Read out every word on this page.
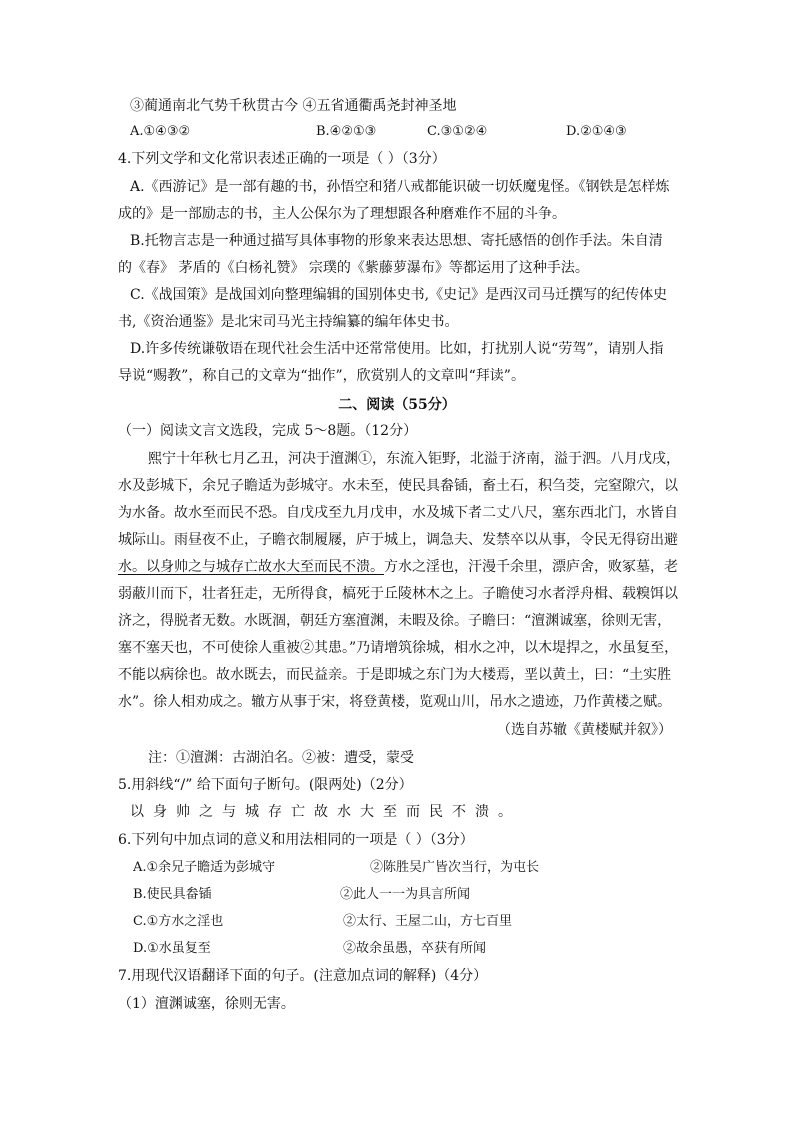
③蔺通南北气势千秋贯古今 ④五省通衢禹尧封神圣地
A.①④③②	B.④②①③	C.③①②④	D.②①④③
4.下列文学和文化常识表述正确的一项是（ ）（3分）
A.《西游记》是一部有趣的书，孙悟空和猪八戒都能识破一切妖魔鬼怪。《钢铁是怎样炼
成的》是一部励志的书，主人公保尔为了理想跟各种磨难作不屈的斗争。
B.托物言志是一种通过描写具体事物的形象来表达思想、寄托感悟的创作手法。朱自清
的《春》 茅盾的《白杨礼赞》 宗璞的《紫藤萝瀑布》等都运用了这种手法。
C.《战国策》是战国刘向整理编辑的国别体史书,《史记》是西汉司马迁撰写的纪传体史
书,《资治通鉴》是北宋司马光主持编纂的编年体史书。
D.许多传统谦敬语在现代社会生活中还常常使用。比如，打扰别人说“劳驾”，请别人指
导说“赐教”，称自己的文章为“拙作”，欣赏别人的文章叫“拜读”。
二、阅读（55分）
（一）阅读文言文选段，完成 5～8题。（12分）
熙宁十年秋七月乙丑，河决于澶渊①，东流入钜野，北溢于济南，溢于泗。八月戊戌，
水及彭城下，余兄子瞻适为彭城守。水未至，使民具畚锸，畜土石，积刍茭，完窒隙穴，以
为水备。故水至而民不恐。自戊戌至九月戊申，水及城下者二丈八尺，塞东西北门，水皆自
城际山。雨昼夜不止，子瞻衣制履屦，庐于城上，调急夫、发禁卒以从事，令民无得窃出避
水。以身帅之与城存亡故水大至而民不溃。方水之淫也，汗漫千余里，漂庐舍，败冢墓，老
弱蔽川而下，壮者狂走，无所得食，槁死于丘陵林木之上。子瞻使习水者浮舟楫、载糗饵以
济之，得脱者无数。水既涸，朝廷方塞澶渊，未暇及徐。子瞻曰：“澶渊诚塞，徐则无害，
塞不塞天也，不可使徐人重被②其患。”乃请增筑徐城，相水之冲，以木堤捍之，水虽复至，
不能以病徐也。故水既去，而民益亲。于是即城之东门为大楼焉，垩以黄土，曰：“土实胜
水”。徐人相劝成之。辙方从事于宋，将登黄楼，览观山川，吊水之遗迹，乃作黄楼之赋。
（选自苏辙《黄楼赋并叙》）
注：①澶渊：古湖泊名。②被：遭受，蒙受
5.用斜线“/” 给下面句子断句。(限两处)（2分）
以身帅之与城存亡故水大至而民不溃。
6.下列句中加点词的意义和用法相同的一项是（ ）（3分）
A.①余兄子瞻适为彭城守	②陈胜吴广皆次当行，为屯长
B.使民具畚锸	②此人一一为具言所闻
C.①方水之淫也	②太行、王屋二山，方七百里
D.①水虽复至	②故余虽愚，卒获有所闻
7.用现代汉语翻译下面的句子。(注意加点词的解释)（4分）
（1）澶渊诚塞，徐则无害。
